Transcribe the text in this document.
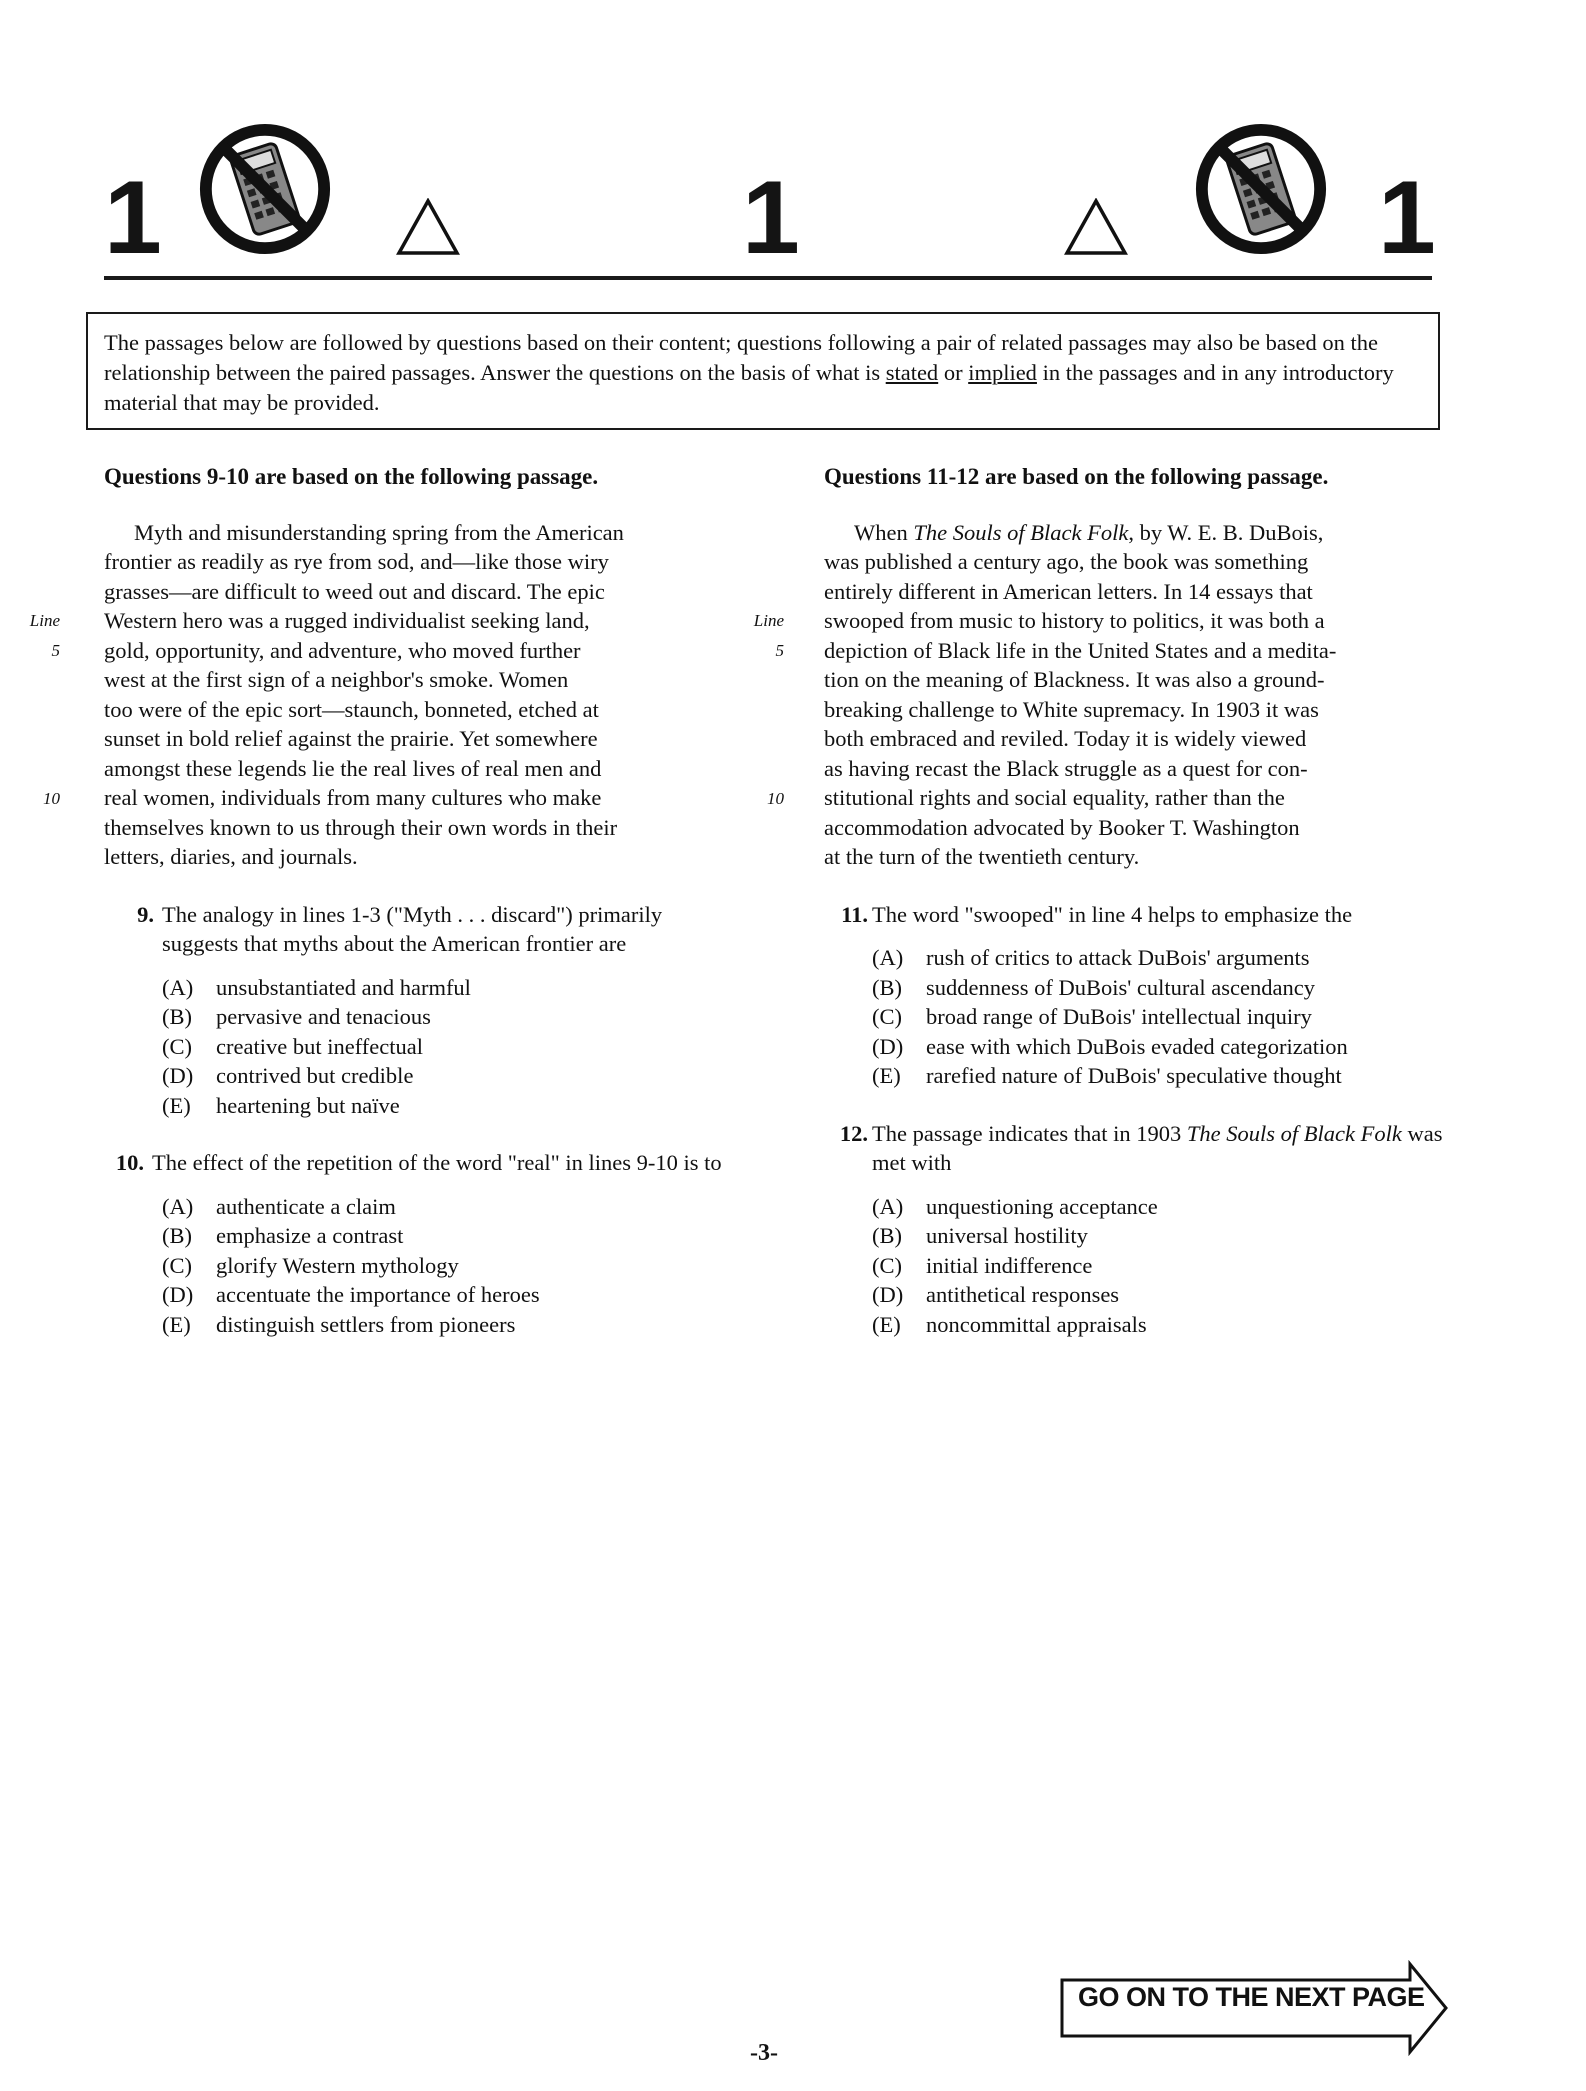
1	1	1
The passages below are followed by questions based on their content; questions following a pair of related passages may also be based on the relationship between the paired passages. Answer the questions on the basis of what is stated or implied in the passages and in any introductory material that may be provided.
Questions 9-10 are based on the following passage.
Line
5
10

Myth and misunderstanding spring from the American

frontier as readily as rye from sod, and—like those wiry

grasses—are difficult to weed out and discard. The epic

Western hero was a rugged individualist seeking land,

gold, opportunity, and adventure, who moved further

west at the first sign of a neighbor's smoke. Women

too were of the epic sort—staunch, bonneted, etched at

sunset in bold relief against the prairie. Yet somewhere

amongst these legends lie the real lives of real men and

real women, individuals from many cultures who make

themselves known to us through their own words in their

letters, diaries, and journals.

9. The analogy in lines 1-3 ("Myth . . . discard") primarily suggests that myths about the American frontier are
(A)	unsubstantiated and harmful
(B)	pervasive and tenacious
(C)	creative but ineffectual
(D)	contrived but credible
(E)	heartening but naïve
10. The effect of the repetition of the word "real" in lines 9-10 is to
(A)	authenticate a claim
(B)	emphasize a contrast
(C)	glorify Western mythology
(D)	accentuate the importance of heroes
(E)	distinguish settlers from pioneers
Questions 11-12 are based on the following passage.
Line
5
10

When The Souls of Black Folk, by W. E. B. DuBois,

was published a century ago, the book was something

entirely different in American letters. In 14 essays that

swooped from music to history to politics, it was both a

depiction of Black life in the United States and a medita-

tion on the meaning of Blackness. It was also a ground-

breaking challenge to White supremacy. In 1903 it was

both embraced and reviled. Today it is widely viewed

as having recast the Black struggle as a quest for con-

stitutional rights and social equality, rather than the

accommodation advocated by Booker T. Washington

at the turn of the twentieth century.

11. The word "swooped" in line 4 helps to emphasize the
(A)	rush of critics to attack DuBois' arguments
(B)	suddenness of DuBois' cultural ascendancy
(C)	broad range of DuBois' intellectual inquiry
(D)	ease with which DuBois evaded categorization
(E)	rarefied nature of DuBois' speculative thought
12. The passage indicates that in 1903 The Souls of Black Folk was met with
(A)	unquestioning acceptance
(B)	universal hostility
(C)	initial indifference
(D)	antithetical responses
(E)	noncommittal appraisals
-3-
GO ON TO THE NEXT PAGE
